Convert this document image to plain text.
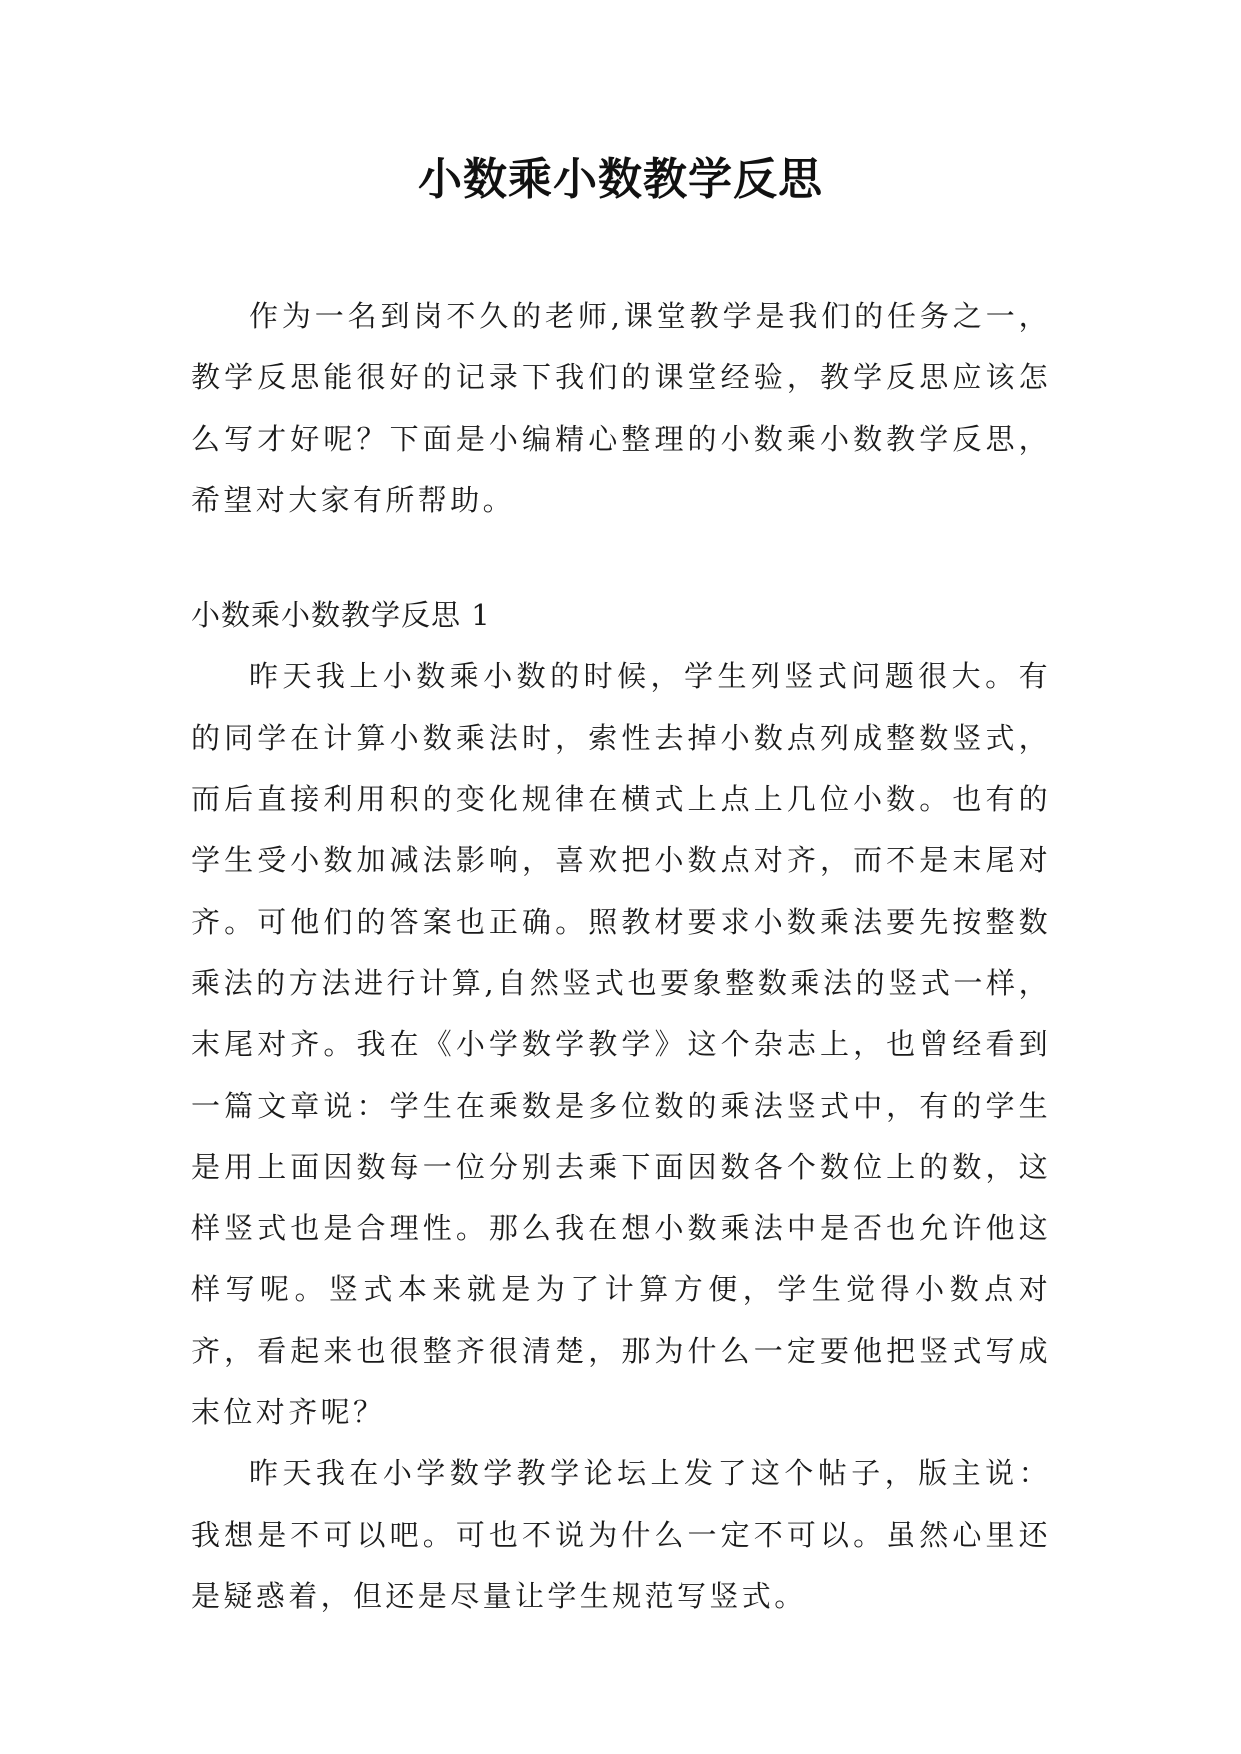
小数乘小数教学反思

作为一名到岗不久的老师,课堂教学是我们的任务之一，教学反思能很好的记录下我们的课堂经验，教学反思应该怎么写才好呢？下面是小编精心整理的小数乘小数教学反思，希望对大家有所帮助。

小数乘小数教学反思 1

昨天我上小数乘小数的时候，学生列竖式问题很大。有的同学在计算小数乘法时，索性去掉小数点列成整数竖式，而后直接利用积的变化规律在横式上点上几位小数。也有的学生受小数加减法影响，喜欢把小数点对齐，而不是末尾对齐。可他们的答案也正确。照教材要求小数乘法要先按整数乘法的方法进行计算,自然竖式也要象整数乘法的竖式一样，末尾对齐。我在《小学数学教学》这个杂志上，也曾经看到一篇文章说：学生在乘数是多位数的乘法竖式中，有的学生是用上面因数每一位分别去乘下面因数各个数位上的数，这样竖式也是合理性。那么我在想小数乘法中是否也允许他这样写呢。竖式本来就是为了计算方便，学生觉得小数点对齐，看起来也很整齐很清楚，那为什么一定要他把竖式写成末位对齐呢？

昨天我在小学数学教学论坛上发了这个帖子，版主说：我想是不可以吧。可也不说为什么一定不可以。虽然心里还是疑惑着，但还是尽量让学生规范写竖式。
